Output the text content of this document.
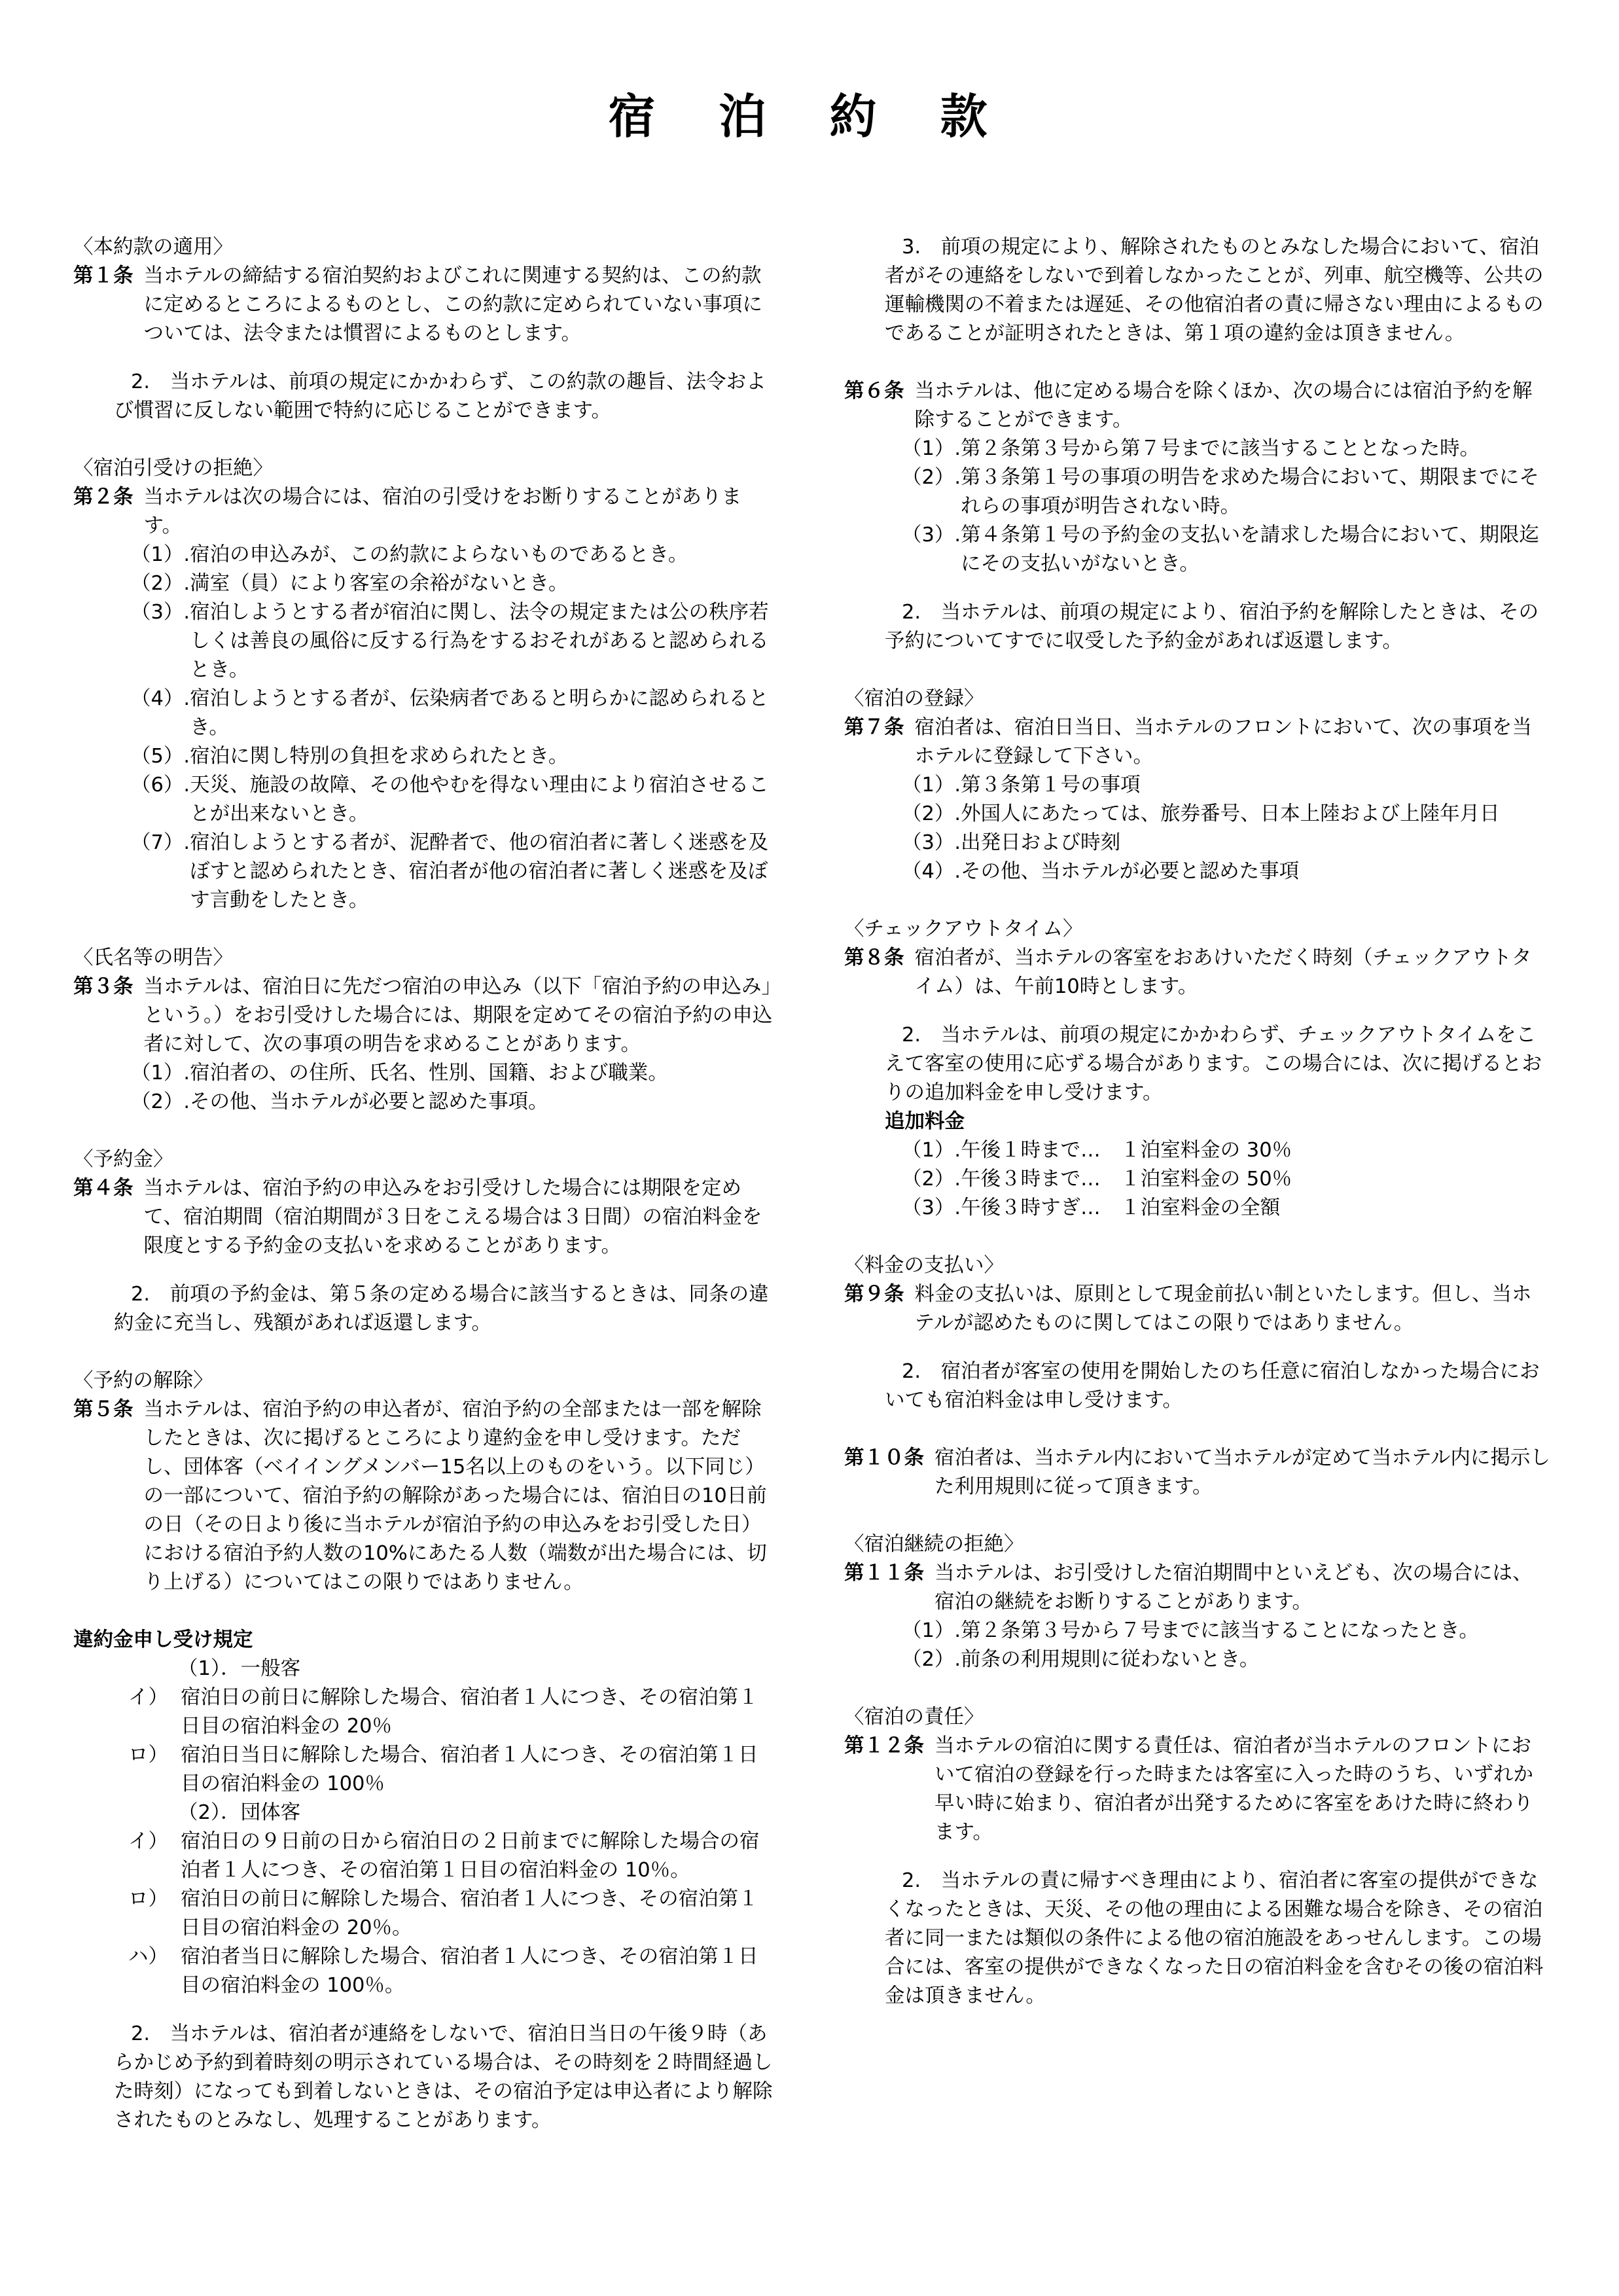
宿 泊 約 款

〈本約款の適用〉

第１条 当ホテルの締結する宿泊契約およびこれに関連する契約は、この約款に定めるところによるものとし、この約款に定められていない事項については、法令または慣習によるものとします。

2.　当ホテルは、前項の規定にかかわらず、この約款の趣旨、法令および慣習に反しない範囲で特約に応じることができます。

〈宿泊引受けの拒絶〉

第２条 当ホテルは次の場合には、宿泊の引受けをお断りすることがあります。
（1）. 宿泊の申込みが、この約款によらないものであるとき。
（2）. 満室（員）により客室の余裕がないとき。
（3）. 宿泊しようとする者が宿泊に関し、法令の規定または公の秩序若しくは善良の風俗に反する行為をするおそれがあると認められるとき。
（4）. 宿泊しようとする者が、伝染病者であると明らかに認められるとき。
（5）. 宿泊に関し特別の負担を求められたとき。
（6）. 天災、施設の故障、その他やむを得ない理由により宿泊させることが出来ないとき。
（7）. 宿泊しようとする者が、泥酔者で、他の宿泊者に著しく迷惑を及ぼすと認められたとき、宿泊者が他の宿泊者に著しく迷惑を及ぼす言動をしたとき。

〈氏名等の明告〉

第３条 当ホテルは、宿泊日に先だつ宿泊の申込み（以下「宿泊予約の申込み」という。）をお引受けした場合には、期限を定めてその宿泊予約の申込者に対して、次の事項の明告を求めることがあります。
（1）. 宿泊者の、の住所、氏名、性別、国籍、および職業。
（2）. その他、当ホテルが必要と認めた事項。

〈予約金〉

第４条 当ホテルは、宿泊予約の申込みをお引受けした場合には期限を定めて、宿泊期間（宿泊期間が３日をこえる場合は３日間）の宿泊料金を限度とする予約金の支払いを求めることがあります。

2.　前項の予約金は、第５条の定める場合に該当するときは、同条の違約金に充当し、残額があれば返還します。

〈予約の解除〉

第５条 当ホテルは、宿泊予約の申込者が、宿泊予約の全部または一部を解除したときは、次に掲げるところにより違約金を申し受けます。ただし、団体客（ベイイングメンバー15名以上のものをいう。以下同じ）の一部について、宿泊予約の解除があった場合には、宿泊日の10日前の日（その日より後に当ホテルが宿泊予約の申込みをお引受した日）における宿泊予約人数の10%にあたる人数（端数が出た場合には、切り上げる）についてはこの限りではありません。

違約金申し受け規定

（1）．一般客

イ） 宿泊日の前日に解除した場合、宿泊者１人につき、その宿泊第１日目の宿泊料金の 20％
ロ） 宿泊日当日に解除した場合、宿泊者１人につき、その宿泊第１日目の宿泊料金の 100％

（2）．団体客

イ） 宿泊日の９日前の日から宿泊日の２日前までに解除した場合の宿泊者１人につき、その宿泊第１日目の宿泊料金の 10％。
ロ） 宿泊日の前日に解除した場合、宿泊者１人につき、その宿泊第１日目の宿泊料金の 20％。
ハ） 宿泊者当日に解除した場合、宿泊者１人につき、その宿泊第１日目の宿泊料金の 100％。

2.　当ホテルは、宿泊者が連絡をしないで、宿泊日当日の午後９時（あらかじめ予約到着時刻の明示されている場合は、その時刻を２時間経過した時刻）になっても到着しないときは、その宿泊予定は申込者により解除されたものとみなし、処理することがあります。

3.　前項の規定により、解除されたものとみなした場合において、宿泊者がその連絡をしないで到着しなかったことが、列車、航空機等、公共の運輸機関の不着または遅延、その他宿泊者の責に帰さない理由によるものであることが証明されたときは、第１項の違約金は頂きません。

第６条 当ホテルは、他に定める場合を除くほか、次の場合には宿泊予約を解除することができます。
（1）. 第２条第３号から第７号までに該当することとなった時。
（2）. 第３条第１号の事項の明告を求めた場合において、期限までにそれらの事項が明告されない時。
（3）. 第４条第１号の予約金の支払いを請求した場合において、期限迄にその支払いがないとき。

2.　当ホテルは、前項の規定により、宿泊予約を解除したときは、その予約についてすでに収受した予約金があれば返還します。

〈宿泊の登録〉

第７条 宿泊者は、宿泊日当日、当ホテルのフロントにおいて、次の事項を当ホテルに登録して下さい。
（1）. 第３条第１号の事項
（2）. 外国人にあたっては、旅券番号、日本上陸および上陸年月日
（3）. 出発日および時刻
（4）. その他、当ホテルが必要と認めた事項

〈チェックアウトタイム〉

第８条 宿泊者が、当ホテルの客室をおあけいただく時刻（チェックアウトタイム）は、午前10時とします。

2.　当ホテルは、前項の規定にかかわらず、チェックアウトタイムをこえて客室の使用に応ずる場合があります。この場合には、次に掲げるとおりの追加料金を申し受けます。

追加料金

（1）. 午後１時まで…　１泊室料金の 30％
（2）. 午後３時まで…　１泊室料金の 50％
（3）. 午後３時すぎ…　１泊室料金の全額

〈料金の支払い〉

第９条 料金の支払いは、原則として現金前払い制といたします。但し、当ホテルが認めたものに関してはこの限りではありません。

2.　宿泊者が客室の使用を開始したのち任意に宿泊しなかった場合においても宿泊料金は申し受けます。

第１０条 宿泊者は、当ホテル内において当ホテルが定めて当ホテル内に掲示した利用規則に従って頂きます。

〈宿泊継続の拒絶〉

第１１条 当ホテルは、お引受けした宿泊期間中といえども、次の場合には、宿泊の継続をお断りすることがあります。
（1）. 第２条第３号から７号までに該当することになったとき。
（2）. 前条の利用規則に従わないとき。

〈宿泊の責任〉

第１２条 当ホテルの宿泊に関する責任は、宿泊者が当ホテルのフロントにおいて宿泊の登録を行った時または客室に入った時のうち、いずれか早い時に始まり、宿泊者が出発するために客室をあけた時に終わります。

2.　当ホテルの責に帰すべき理由により、宿泊者に客室の提供ができなくなったときは、天災、その他の理由による困難な場合を除き、その宿泊者に同一または類似の条件による他の宿泊施設をあっせんします。この場合には、客室の提供ができなくなった日の宿泊料金を含むその後の宿泊料金は頂きません。
